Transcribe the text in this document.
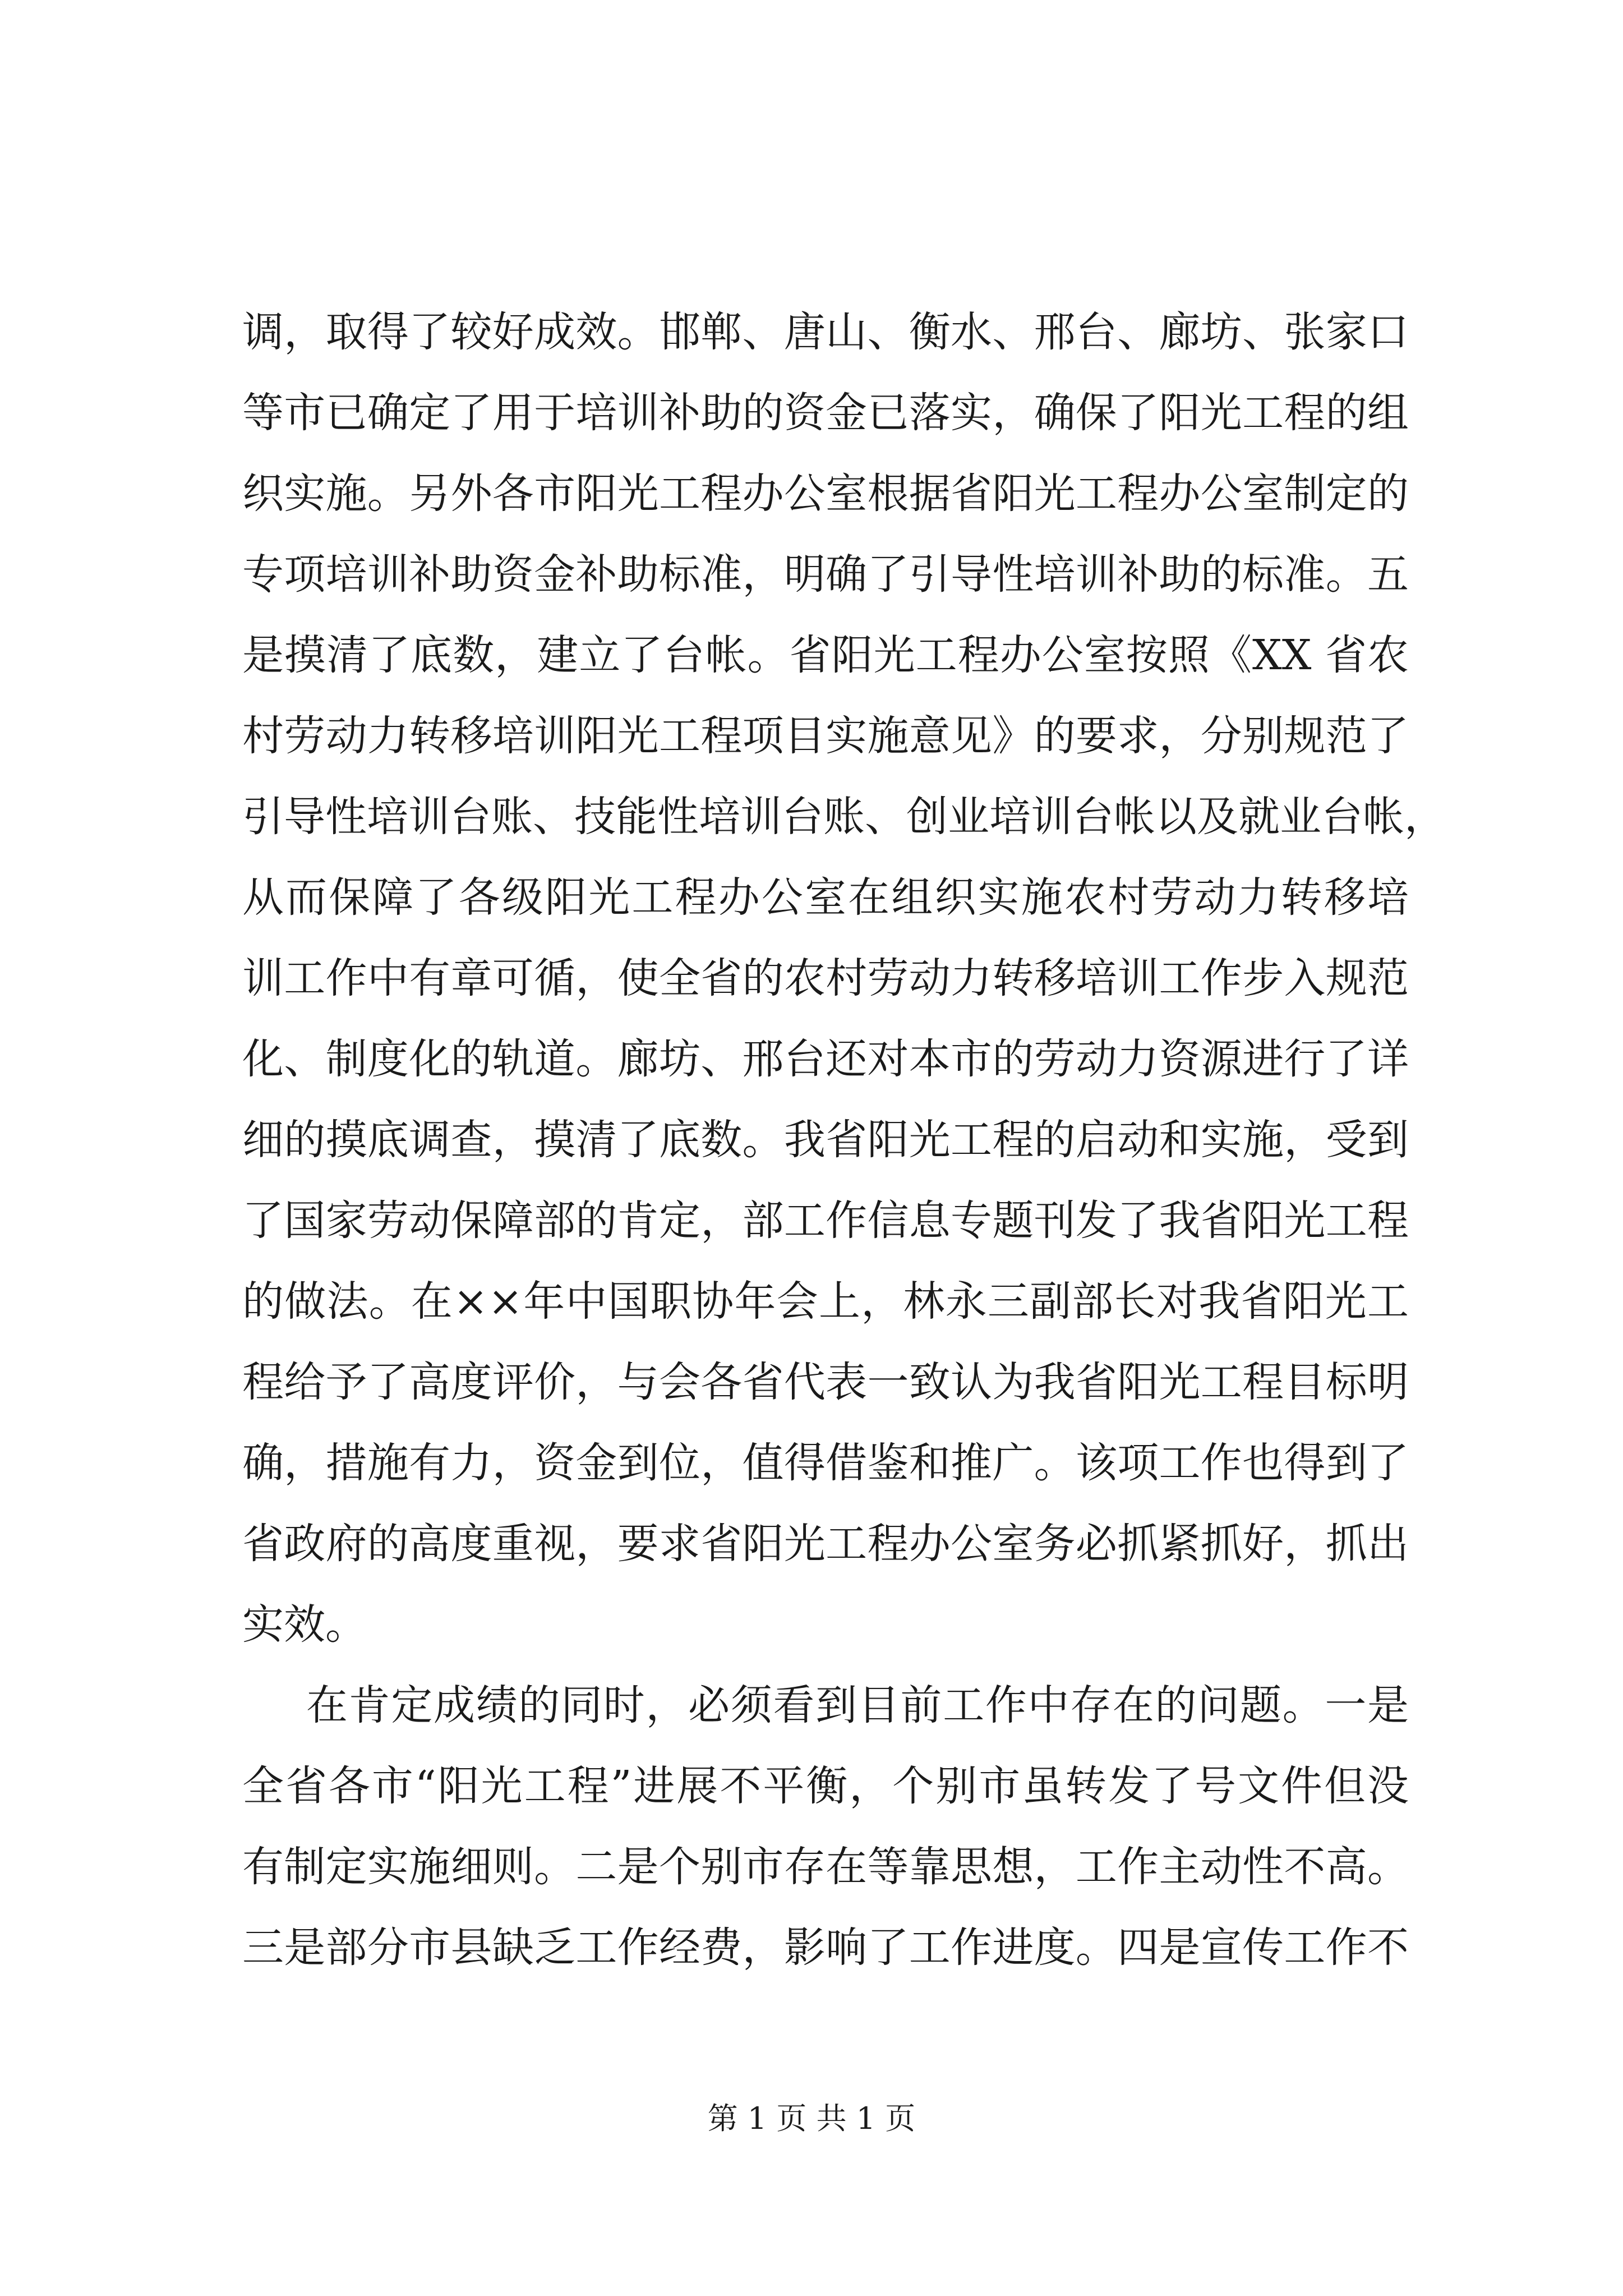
调，取得了较好成效。邯郸、唐山、衡水、邢台、廊坊、张家口
等市已确定了用于培训补助的资金已落实，确保了阳光工程的组
织实施。另外各市阳光工程办公室根据省阳光工程办公室制定的
专项培训补助资金补助标准，明确了引导性培训补助的标准。五
是摸清了底数，建立了台帐。省阳光工程办公室按照《XX 省农
村劳动力转移培训阳光工程项目实施意见》的要求，分别规范了
引导性培训台账、技能性培训台账、创业培训台帐以及就业台帐，
从而保障了各级阳光工程办公室在组织实施农村劳动力转移培
训工作中有章可循，使全省的农村劳动力转移培训工作步入规范
化、制度化的轨道。廊坊、邢台还对本市的劳动力资源进行了详
细的摸底调查，摸清了底数。我省阳光工程的启动和实施，受到
了国家劳动保障部的肯定，部工作信息专题刊发了我省阳光工程
的做法。在××年中国职协年会上，林永三副部长对我省阳光工
程给予了高度评价，与会各省代表一致认为我省阳光工程目标明
确，措施有力，资金到位，值得借鉴和推广。该项工作也得到了
省政府的高度重视，要求省阳光工程办公室务必抓紧抓好，抓出
实效。
在肯定成绩的同时，必须看到目前工作中存在的问题。一是
全省各市“阳光工程”进展不平衡，个别市虽转发了号文件但没
有制定实施细则。二是个别市存在等靠思想，工作主动性不高。
三是部分市县缺乏工作经费，影响了工作进度。四是宣传工作不
第 1 页 共 1 页
